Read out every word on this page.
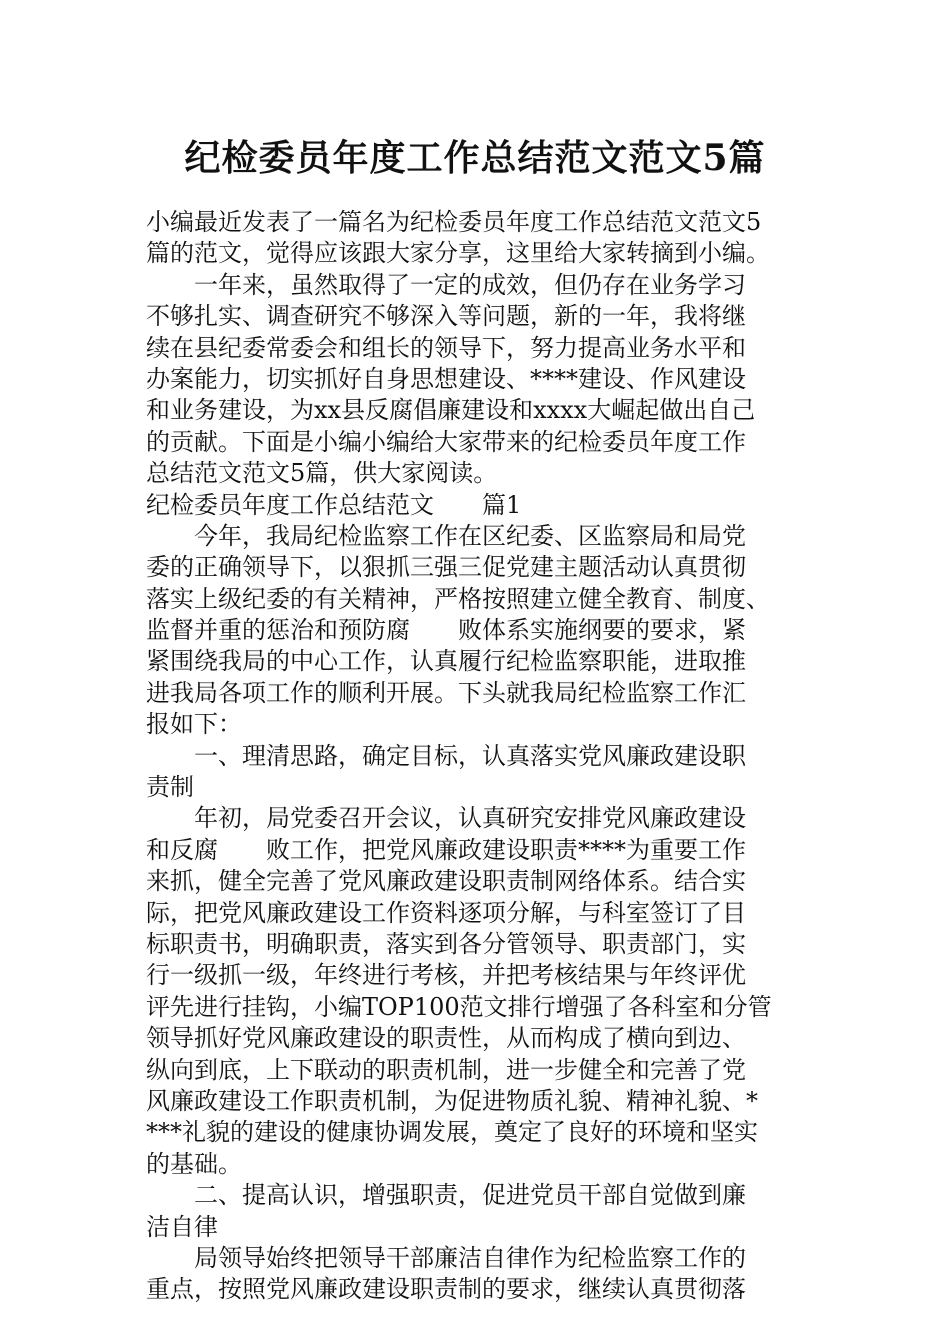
纪检委员年度工作总结范文范文5篇
小编最近发表了一篇名为纪检委员年度工作总结范文范文5
篇的范文，觉得应该跟大家分享，这里给大家转摘到小编。
一年来，虽然取得了一定的成效，但仍存在业务学习
不够扎实、调查研究不够深入等问题，新的一年，我将继
续在县纪委常委会和组长的领导下，努力提高业务水平和
办案能力，切实抓好自身思想建设、****建设、作风建设
和业务建设，为xx县反腐倡廉建设和xxxx大崛起做出自己
的贡献。下面是小编小编给大家带来的纪检委员年度工作
总结范文范文5篇，供大家阅读。
纪检委员年度工作总结范文　　篇1
今年，我局纪检监察工作在区纪委、区监察局和局党
委的正确领导下，以狠抓三强三促党建主题活动认真贯彻
落实上级纪委的有关精神，严格按照建立健全教育、制度、
监督并重的惩治和预防腐　　败体系实施纲要的要求，紧
紧围绕我局的中心工作，认真履行纪检监察职能，进取推
进我局各项工作的顺利开展。下头就我局纪检监察工作汇
报如下：
一、理清思路，确定目标，认真落实党风廉政建设职
责制
年初，局党委召开会议，认真研究安排党风廉政建设
和反腐　　败工作，把党风廉政建设职责****为重要工作
来抓，健全完善了党风廉政建设职责制网络体系。结合实
际，把党风廉政建设工作资料逐项分解，与科室签订了目
标职责书，明确职责，落实到各分管领导、职责部门，实
行一级抓一级，年终进行考核，并把考核结果与年终评优
评先进行挂钩，小编TOP100范文排行增强了各科室和分管
领导抓好党风廉政建设的职责性，从而构成了横向到边、
纵向到底，上下联动的职责机制，进一步健全和完善了党
风廉政建设工作职责机制，为促进物质礼貌、精神礼貌、*
***礼貌的建设的健康协调发展，奠定了良好的环境和坚实
的基础。
二、提高认识，增强职责，促进党员干部自觉做到廉
洁自律
局领导始终把领导干部廉洁自律作为纪检监察工作的
重点，按照党风廉政建设职责制的要求，继续认真贯彻落
